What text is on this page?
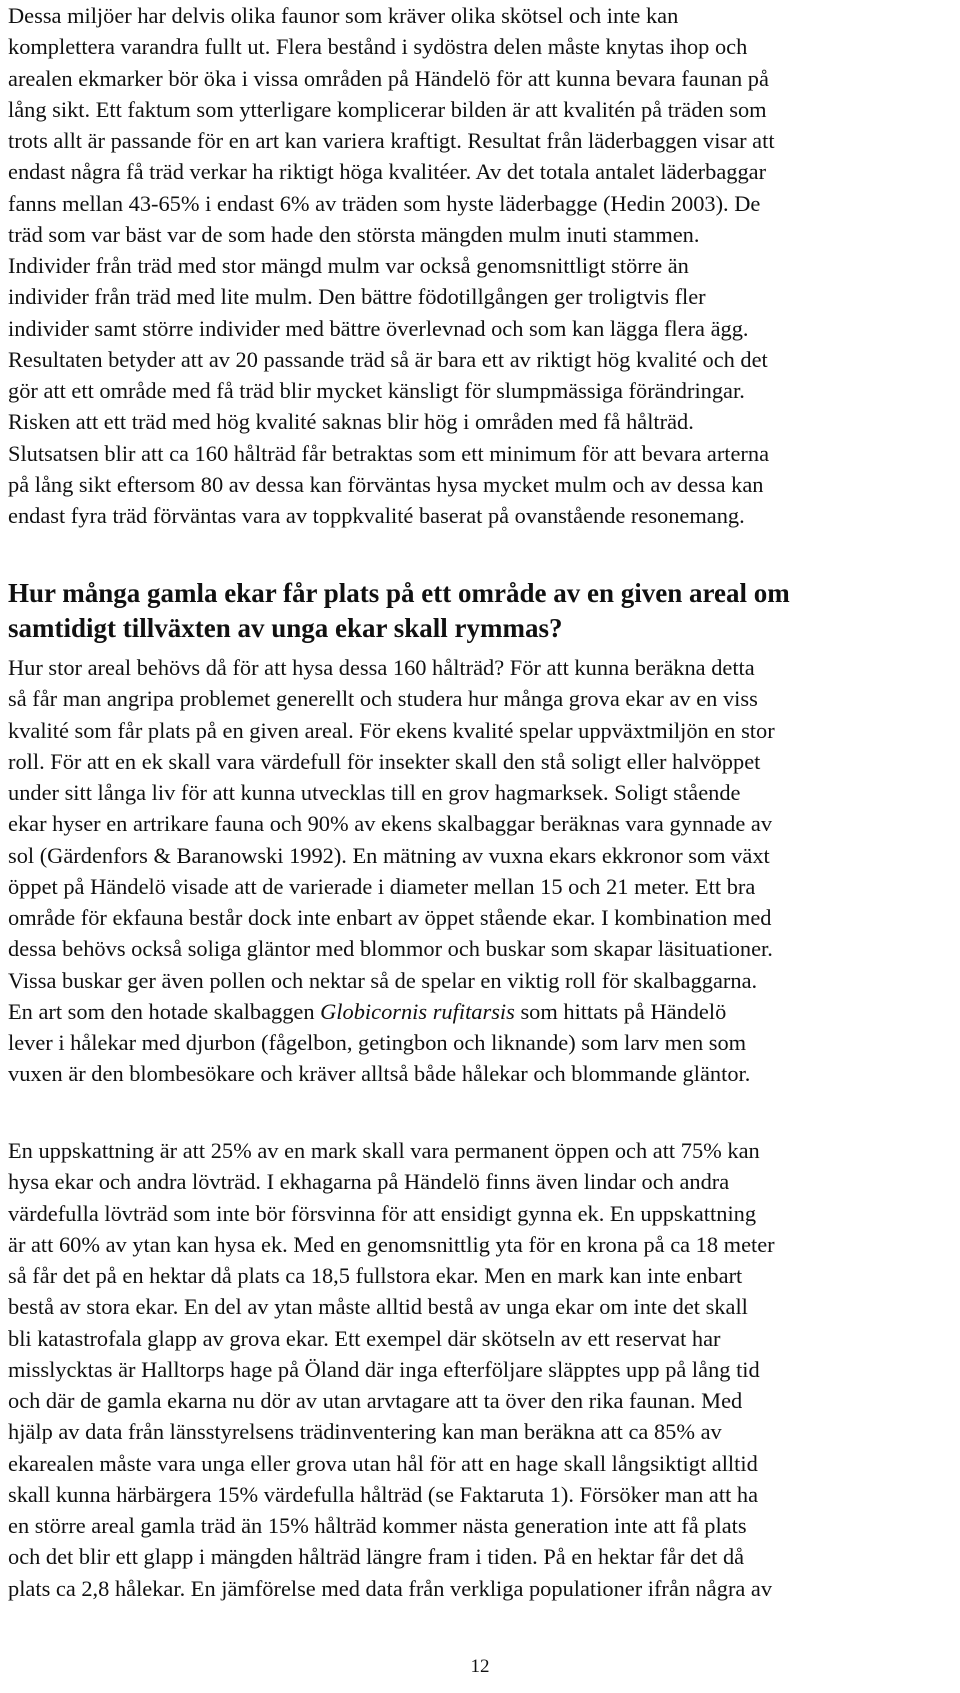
Dessa miljöer har delvis olika faunor som kräver olika skötsel och inte kan
komplettera varandra fullt ut. Flera bestånd i sydöstra delen måste knytas ihop och
arealen ekmarker bör öka i vissa områden på Händelö för att kunna bevara faunan på
lång sikt. Ett faktum som ytterligare komplicerar bilden är att kvalitén på träden som
trots allt är passande för en art kan variera kraftigt. Resultat från läderbaggen visar att
endast några få träd verkar ha riktigt höga kvalitéer. Av det totala antalet läderbaggar
fanns mellan 43-65% i endast 6% av träden som hyste läderbagge (Hedin 2003). De
träd som var bäst var de som hade den största mängden mulm inuti stammen.
Individer från träd med stor mängd mulm var också genomsnittligt större än
individer från träd med lite mulm. Den bättre födotillgången ger troligtvis fler
individer samt större individer med bättre överlevnad och som kan lägga flera ägg.
Resultaten betyder att av 20 passande träd så är bara ett av riktigt hög kvalité och det
gör att ett område med få träd blir mycket känsligt för slumpmässiga förändringar.
Risken att ett träd med hög kvalité saknas blir hög i områden med få hålträd.
Slutsatsen blir att ca 160 hålträd får betraktas som ett minimum för att bevara arterna
på lång sikt eftersom 80 av dessa kan förväntas hysa mycket mulm och av dessa kan
endast fyra träd förväntas vara av toppkvalité baserat på ovanstående resonemang.
Hur många gamla ekar får plats på ett område av en given areal om
samtidigt tillväxten av unga ekar skall rymmas?
Hur stor areal behövs då för att hysa dessa 160 hålträd? För att kunna beräkna detta
så får man angripa problemet generellt och studera hur många grova ekar av en viss
kvalité som får plats på en given areal. För ekens kvalité spelar uppväxtmiljön en stor
roll. För att en ek skall vara värdefull för insekter skall den stå soligt eller halvöppet
under sitt långa liv för att kunna utvecklas till en grov hagmarksek. Soligt stående
ekar hyser en artrikare fauna och 90% av ekens skalbaggar beräknas vara gynnade av
sol (Gärdenfors & Baranowski 1992). En mätning av vuxna ekars ekkronor som växt
öppet på Händelö visade att de varierade i diameter mellan 15 och 21 meter. Ett bra
område för ekfauna består dock inte enbart av öppet stående ekar. I kombination med
dessa behövs också soliga gläntor med blommor och buskar som skapar läsituationer.
Vissa buskar ger även pollen och nektar så de spelar en viktig roll för skalbaggarna.
En art som den hotade skalbaggen Globicornis rufitarsis som hittats på Händelö
lever i hålekar med djurbon (fågelbon, getingbon och liknande) som larv men som
vuxen är den blombesökare och kräver alltså både hålekar och blommande gläntor.
En uppskattning är att 25% av en mark skall vara permanent öppen och att 75% kan
hysa ekar och andra lövträd. I ekhagarna på Händelö finns även lindar och andra
värdefulla lövträd som inte bör försvinna för att ensidigt gynna ek. En uppskattning
är att 60% av ytan kan hysa ek. Med en genomsnittlig yta för en krona på ca 18 meter
så får det på en hektar då plats ca 18,5 fullstora ekar. Men en mark kan inte enbart
bestå av stora ekar. En del av ytan måste alltid bestå av unga ekar om inte det skall
bli katastrofala glapp av grova ekar. Ett exempel där skötseln av ett reservat har
misslycktas är Halltorps hage på Öland där inga efterföljare släpptes upp på lång tid
och där de gamla ekarna nu dör av utan arvtagare att ta över den rika faunan. Med
hjälp av data från länsstyrelsens trädinventering kan man beräkna att ca 85% av
ekarealen måste vara unga eller grova utan hål för att en hage skall långsiktigt alltid
skall kunna härbärgera 15% värdefulla hålträd (se Faktaruta 1). Försöker man att ha
en större areal gamla träd än 15% hålträd kommer nästa generation inte att få plats
och det blir ett glapp i mängden hålträd längre fram i tiden. På en hektar får det då
plats ca 2,8 hålekar. En jämförelse med data från verkliga populationer ifrån några av
12
